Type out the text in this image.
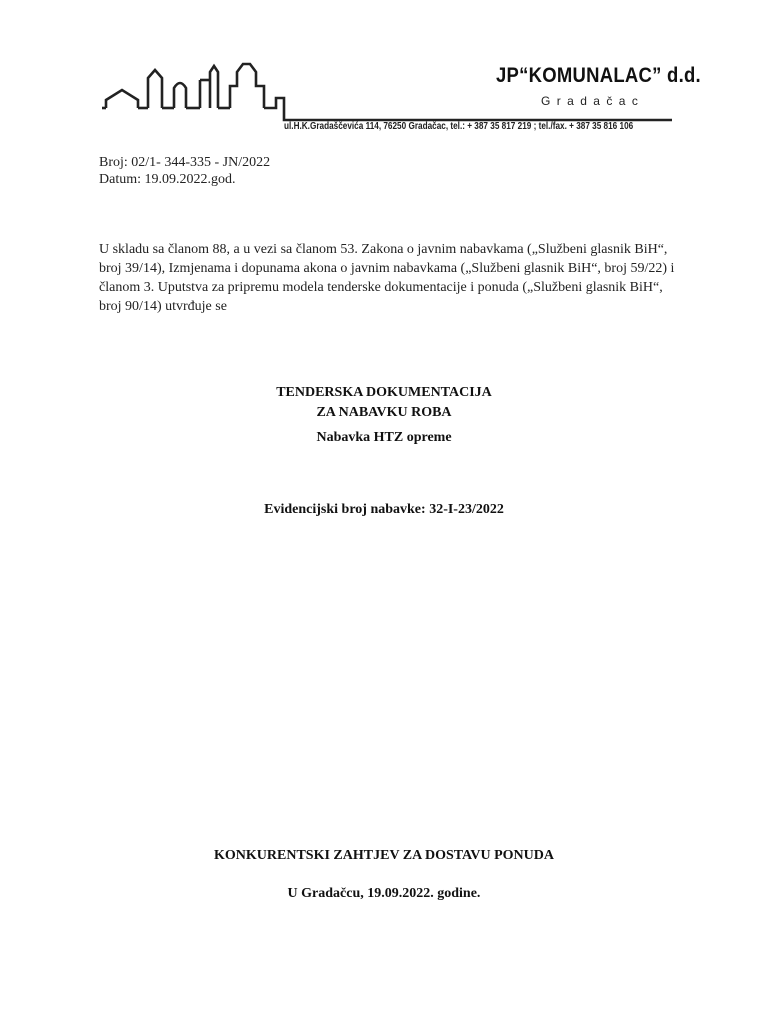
JP“KOMUNALAC” d.d.
Gradačac
ul.H.K.Gradaščevića 114, 76250 Gradačac, tel.: + 387 35 817 219 ; tel./fax. + 387 35 816 106
Broj: 02/1- 344-335 - JN/2022
Datum: 19.09.2022.god.

U skladu sa članom 88, a u vezi sa članom 53. Zakona o javnim nabavkama („Službeni glasnik BiH“, broj 39/14), Izmjenama i dopunama akona o javnim nabavkama („Službeni glasnik BiH“, broj 59/22) i članom 3. Uputstva za pripremu modela tenderske dokumentacije i ponuda („Službeni glasnik BiH“, broj 90/14) utvrđuje se

TENDERSKA DOKUMENTACIJA
ZA NABAVKU ROBA
Nabavka HTZ opreme
Evidencijski broj nabavke: 32-I-23/2022
KONKURENTSKI ZAHTJEV ZA DOSTAVU PONUDA
U Gradačcu, 19.09.2022. godine.
